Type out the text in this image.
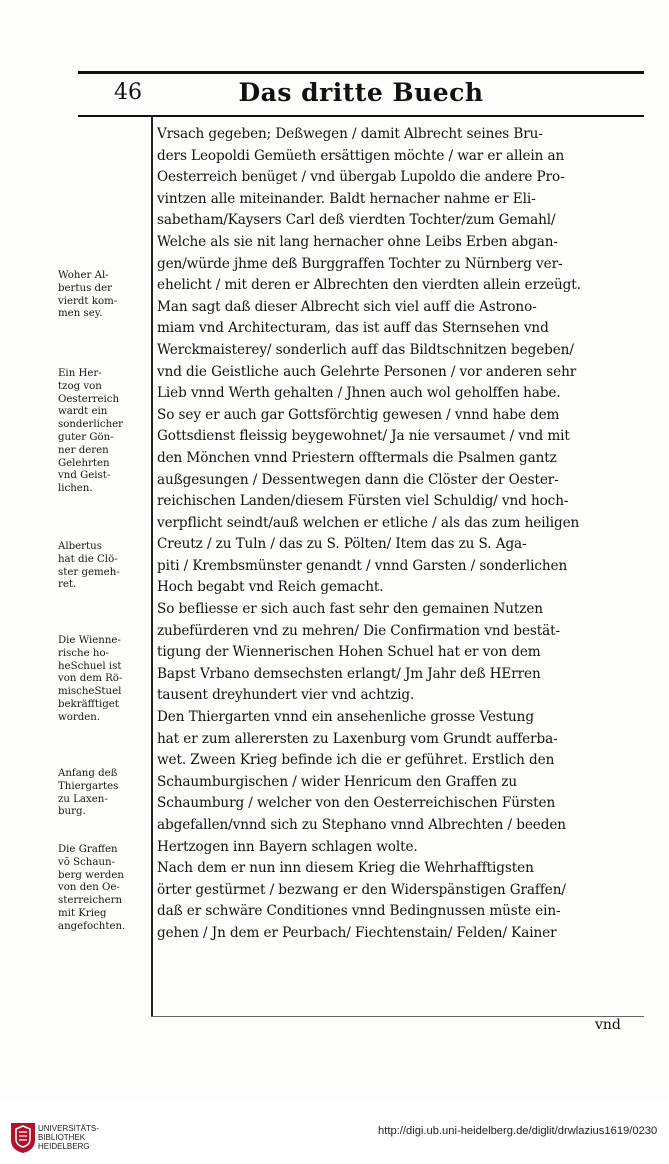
46	Das dritte Buech
Vrsach gegeben; Deßwegen / damit Albrecht seines Bru-
ders Leopoldi Gemüeth ersättigen möchte / war er allein an
Oesterreich benüget / vnd übergab Lupoldo die andere Pro-
vintzen alle miteinander. Baldt hernacher nahme er Eli-
sabetham/Kaysers Carl deß vierdten Tochter/zum Gemahl/
Welche als sie nit lang hernacher ohne Leibs Erben abgan-
gen/würde jhme deß Burggraffen Tochter zu Nürnberg ver-
ehelicht / mit deren er Albrechten den vierdten allein erzeügt.
Man sagt daß dieser Albrecht sich viel auff die Astrono-
miam vnd Architecturam, das ist auff das Sternsehen vnd
Werckmaisterey/ sonderlich auff das Bildtschnitzen begeben/
vnd die Geistliche auch Gelehrte Personen / vor anderen sehr
Lieb vnnd Werth gehalten / Jhnen auch wol geholffen habe.
So sey er auch gar Gottsförchtig gewesen / vnnd habe dem
Gottsdienst fleissig beygewohnet/ Ja nie versaumet / vnd mit
den Mönchen vnnd Priestern offtermals die Psalmen gantz
außgesungen / Dessentwegen dann die Clöster der Oester-
reichischen Landen/diesem Fürsten viel Schuldig/ vnd hoch-
verpflicht seindt/auß welchen er etliche / als das zum heiligen
Creutz / zu Tuln / das zu S. Pölten/ Item das zu S. Aga-
piti / Krembsmünster genandt / vnnd Garsten / sonderlichen
Hoch begabt vnd Reich gemacht.
So befliesse er sich auch fast sehr den gemainen Nutzen
zubefürderen vnd zu mehren/ Die Confirmation vnd bestät-
tigung der Wiennerischen Hohen Schuel hat er von dem
Bapst Vrbano demsechsten erlangt/ Jm Jahr deß HErren
tausent dreyhundert vier vnd achtzig.
Den Thiergarten vnnd ein ansehenliche grosse Vestung
hat er zum allerersten zu Laxenburg vom Grundt aufferba-
wet. Zween Krieg befinde ich die er geführet. Erstlich den
Schaumburgischen / wider Henricum den Graffen zu
Schaumburg / welcher von den Oesterreichischen Fürsten
abgefallen/vnnd sich zu Stephano vnnd Albrechten / beeden
Hertzogen inn Bayern schlagen wolte.
Nach dem er nun inn diesem Krieg die Wehrhafftigsten
örter gestürmet / bezwang er den Widerspänstigen Graffen/
daß er schwäre Conditiones vnnd Bedingnussen müste ein-
gehen / Jn dem er Peurbach/ Fiechtenstain/ Felden/ Kainer
Woher Al-
bertus der
vierdt kom-
men sey.
Ein Her-
tzog von
Oesterreich
wardt ein
sonderlicher
guter Gön-
ner deren
Gelehrten
vnd Geist-
lichen.
Albertus
hat die Clö-
ster gemeh-
ret.
Die Wienne-
rische ho-
heSchuel ist
von dem Rö-
mischeStuel
bekräfftiget
worden.
Anfang deß
Thiergartes
zu Laxen-
burg.
Die Graffen
võ Schaun-
berg werden
von den Oe-
sterreichern
mit Krieg
angefochten.
vnd
UNIVERSITÄTS-
BIBLIOTHEK
HEIDELBERG
http://digi.ub.uni-heidelberg.de/diglit/drwlazius1619/0230
